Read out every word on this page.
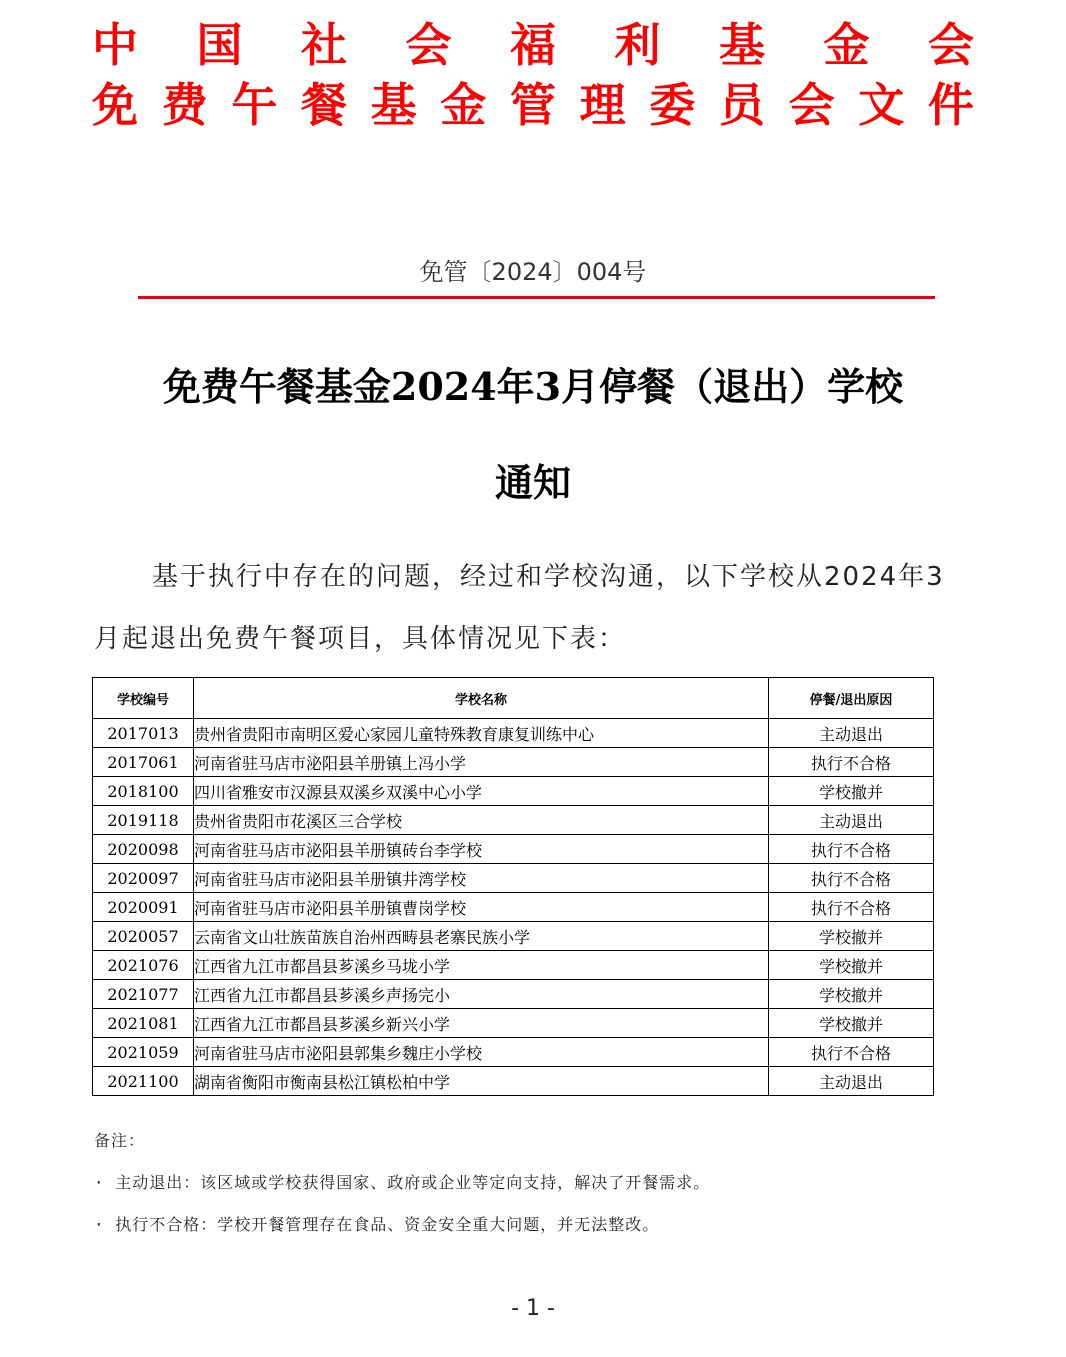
中 国 社 会 福 利 基 金 会
免 费 午 餐 基 金 管 理 委 员 会 文 件
免管〔2024〕004号
免费午餐基金2024年3月停餐（退出）学校
通知
基于执行中存在的问题，经过和学校沟通，以下学校从2024年3
月起退出免费午餐项目，具体情况见下表：
学校编号	学校名称	停餐/退出原因
2017013	贵州省贵阳市南明区爱心家园儿童特殊教育康复训练中心	主动退出
2017061	河南省驻马店市泌阳县羊册镇上冯小学	执行不合格
2018100	四川省雅安市汉源县双溪乡双溪中心小学	学校撤并
2019118	贵州省贵阳市花溪区三合学校	主动退出
2020098	河南省驻马店市泌阳县羊册镇砖台李学校	执行不合格
2020097	河南省驻马店市泌阳县羊册镇井湾学校	执行不合格
2020091	河南省驻马店市泌阳县羊册镇曹岗学校	执行不合格
2020057	云南省文山壮族苗族自治州西畴县老寨民族小学	学校撤并
2021076	江西省九江市都昌县芗溪乡马垅小学	学校撤并
2021077	江西省九江市都昌县芗溪乡声扬完小	学校撤并
2021081	江西省九江市都昌县芗溪乡新兴小学	学校撤并
2021059	河南省驻马店市泌阳县郭集乡魏庄小学校	执行不合格
2021100	湖南省衡阳市衡南县松江镇松柏中学	主动退出
备注：
· 主动退出：该区域或学校获得国家、政府或企业等定向支持，解决了开餐需求。
· 执行不合格：学校开餐管理存在食品、资金安全重大问题，并无法整改。
- 1 -
